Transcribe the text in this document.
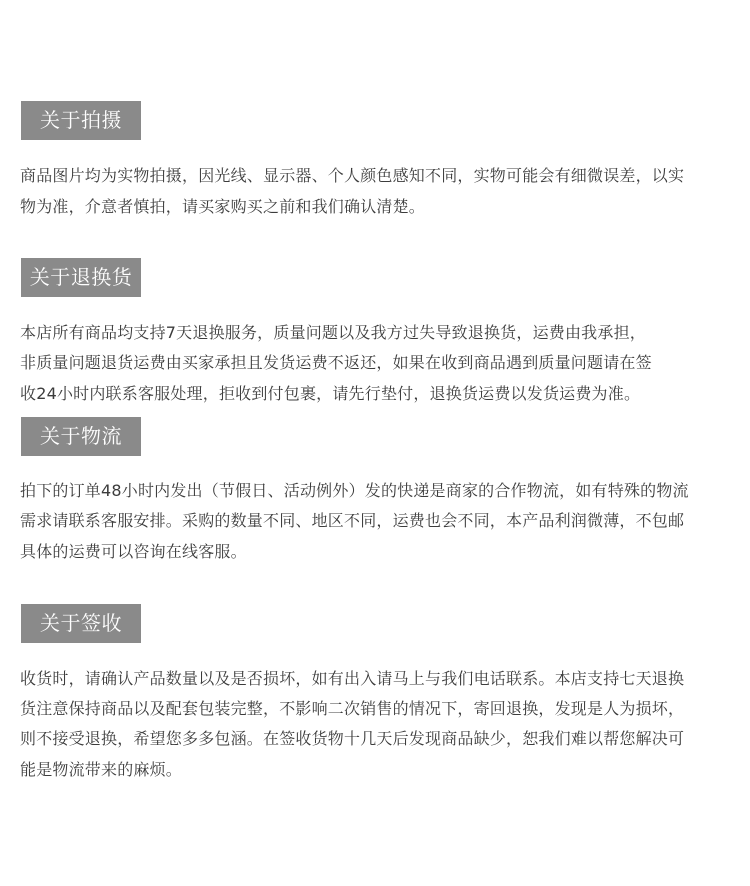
关于拍摄
商品图片均为实物拍摄，因光线、显示器、个人颜色感知不同，实物可能会有细微误差，以实
物为准，介意者慎拍，请买家购买之前和我们确认清楚。
关于退换货
本店所有商品均支持7天退换服务，质量问题以及我方过失导致退换货，运费由我承担，
非质量问题退货运费由买家承担且发货运费不返还，如果在收到商品遇到质量问题请在签
收24小时内联系客服处理，拒收到付包裹，请先行垫付，退换货运费以发货运费为准。
关于物流
拍下的订单48小时内发出（节假日、活动例外）发的快递是商家的合作物流，如有特殊的物流
需求请联系客服安排。采购的数量不同、地区不同，运费也会不同，本产品利润微薄，不包邮
具体的运费可以咨询在线客服。
关于签收
收货时，请确认产品数量以及是否损坏，如有出入请马上与我们电话联系。本店支持七天退换
货注意保持商品以及配套包装完整，不影响二次销售的情况下，寄回退换，发现是人为损坏，
则不接受退换，希望您多多包涵。在签收货物十几天后发现商品缺少，恕我们难以帮您解决可
能是物流带来的麻烦。
